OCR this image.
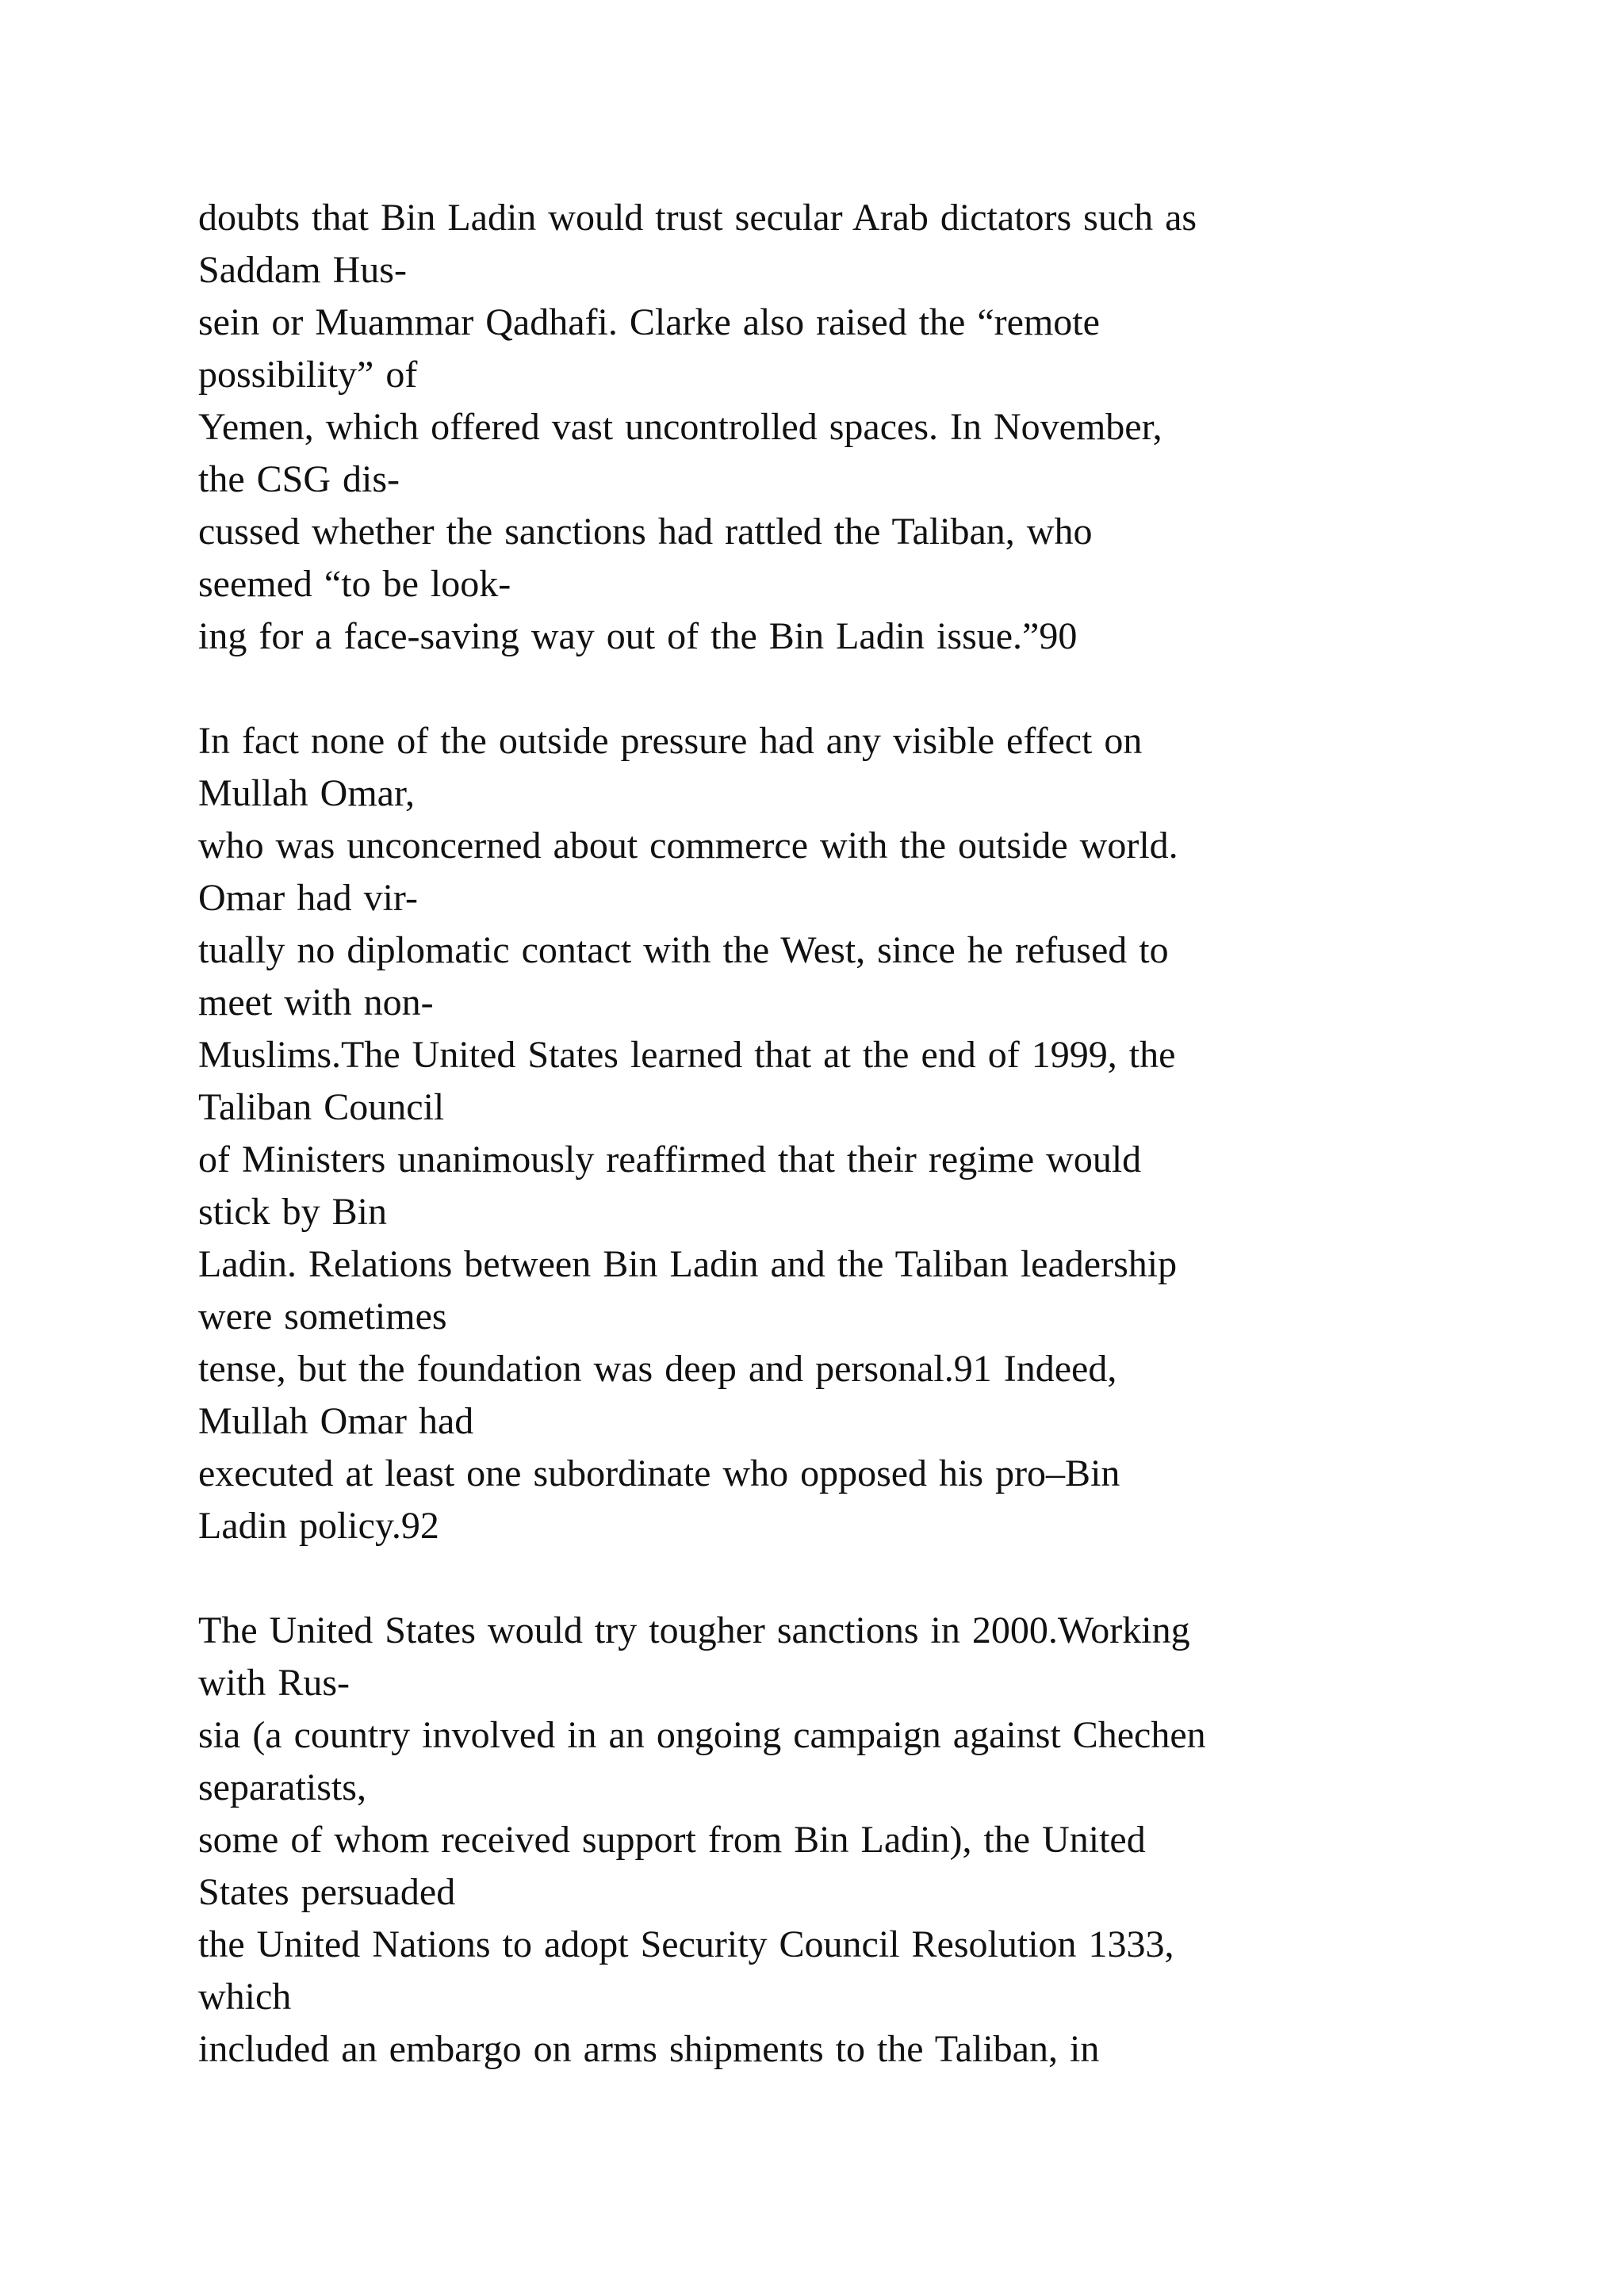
doubts that Bin Ladin would trust secular Arab dictators such as
Saddam Hus-
sein or Muammar Qadhafi. Clarke also raised the “remote
possibility” of
Yemen, which offered vast uncontrolled spaces. In November,
the CSG dis-
cussed whether the sanctions had rattled the Taliban, who
seemed “to be look-
ing for a face-saving way out of the Bin Ladin issue.”90
In fact none of the outside pressure had any visible effect on
Mullah Omar,
who was unconcerned about commerce with the outside world.
Omar had vir-
tually no diplomatic contact with the West, since he refused to
meet with non-
Muslims.The United States learned that at the end of 1999, the
Taliban Council
of Ministers unanimously reaffirmed that their regime would
stick by Bin
Ladin. Relations between Bin Ladin and the Taliban leadership
were sometimes
tense, but the foundation was deep and personal.91 Indeed,
Mullah Omar had
executed at least one subordinate who opposed his pro–Bin
Ladin policy.92
The United States would try tougher sanctions in 2000.Working
with Rus-
sia (a country involved in an ongoing campaign against Chechen
separatists,
some of whom received support from Bin Ladin), the United
States persuaded
the United Nations to adopt Security Council Resolution 1333,
which
included an embargo on arms shipments to the Taliban, in
